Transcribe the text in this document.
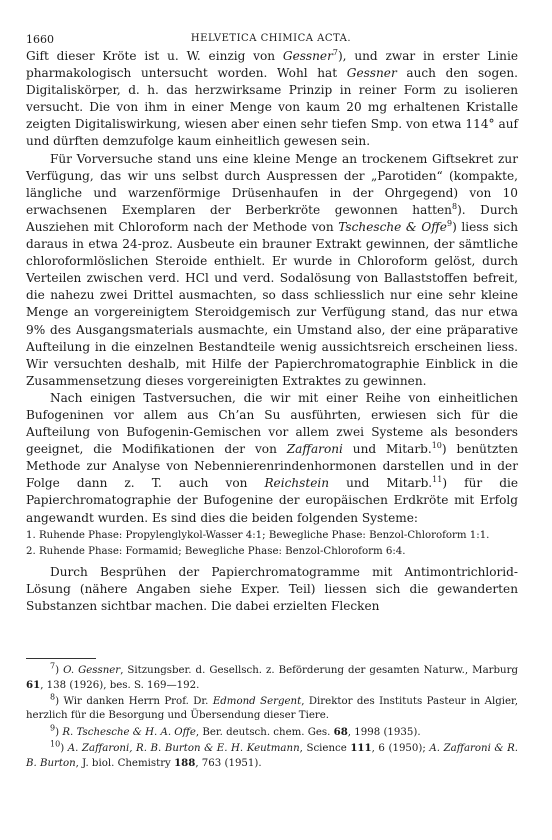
1660	HELVETICA CHIMICA ACTA.

Gift dieser Kröte ist u. W. einzig von Gessner$^7$), und zwar in erster Linie pharmakologisch untersucht worden. Wohl hat Gessner auch den sogen. Digitaliskörper, d. h. das herzwirksame Prinzip in reiner Form zu isolieren versucht. Die von ihm in einer Menge von kaum 20 mg erhaltenen Kristalle zeigten Digitaliswirkung, wiesen aber einen sehr tiefen Smp. von etwa 114° auf und dürften demzufolge kaum einheitlich gewesen sein.

Für Vorversuche stand uns eine kleine Menge an trockenem Giftsekret zur Verfügung, das wir uns selbst durch Auspressen der „Parotiden“ (kompakte, längliche und warzenförmige Drüsenhaufen in der Ohrgegend) von 10 erwachsenen Exemplaren der Berberkröte gewonnen hatten$^8$). Durch Ausziehen mit Chloroform nach der Methode von Tschesche & Offe$^9$) liess sich daraus in etwa 24-proz. Ausbeute ein brauner Extrakt gewinnen, der sämtliche chloroformlöslichen Steroide enthielt. Er wurde in Chloroform gelöst, durch Verteilen zwischen verd. HCl und verd. Sodalösung von Ballaststoffen befreit, die nahezu zwei Drittel ausmachten, so dass schliesslich nur eine sehr kleine Menge an vorgereinigtem Steroidgemisch zur Verfügung stand, das nur etwa 9% des Ausgangsmaterials ausmachte, ein Umstand also, der eine präparative Aufteilung in die einzelnen Bestandteile wenig aussichtsreich erscheinen liess. Wir versuchten deshalb, mit Hilfe der Papierchromatographie Einblick in die Zusammensetzung dieses vorgereinigten Extraktes zu gewinnen.

Nach einigen Tastversuchen, die wir mit einer Reihe von einheitlichen Bufogeninen vor allem aus Ch’an Su ausführten, erwiesen sich für die Aufteilung von Bufogenin-Gemischen vor allem zwei Systeme als besonders geeignet, die Modifikationen der von Zaffaroni und Mitarb.$^{10}$) benützten Methode zur Analyse von Nebennierenrindenhormonen darstellen und in der Folge dann z. T. auch von Reichstein und Mitarb.$^{11}$) für die Papierchromatographie der Bufogenine der europäischen Erdkröte mit Erfolg angewandt wurden. Es sind dies die beiden folgenden Systeme:

1. Ruhende Phase: Propylenglykol-Wasser 4:1; Bewegliche Phase: Benzol-Chloroform 1:1.
2. Ruhende Phase: Formamid; Bewegliche Phase: Benzol-Chloroform 6:4.

Durch Besprühen der Papierchromatogramme mit Antimontrichlorid-Lösung (nähere Angaben siehe Exper. Teil) liessen sich die gewanderten Substanzen sichtbar machen. Die dabei erzielten Flecken

$^7$) O. Gessner, Sitzungsber. d. Gesellsch. z. Beförderung der gesamten Naturw., Marburg 61, 138 (1926), bes. S. 169—192.

$^8$) Wir danken Herrn Prof. Dr. Edmond Sergent, Direktor des Instituts Pasteur in Algier, herzlich für die Besorgung und Übersendung dieser Tiere.

$^9$) R. Tschesche & H. A. Offe, Ber. deutsch. chem. Ges. 68, 1998 (1935).

$^{10}$) A. Zaffaroni, R. B. Burton & E. H. Keutmann, Science 111, 6 (1950); A. Zaffaroni & R. B. Burton, J. biol. Chemistry 188, 763 (1951).
